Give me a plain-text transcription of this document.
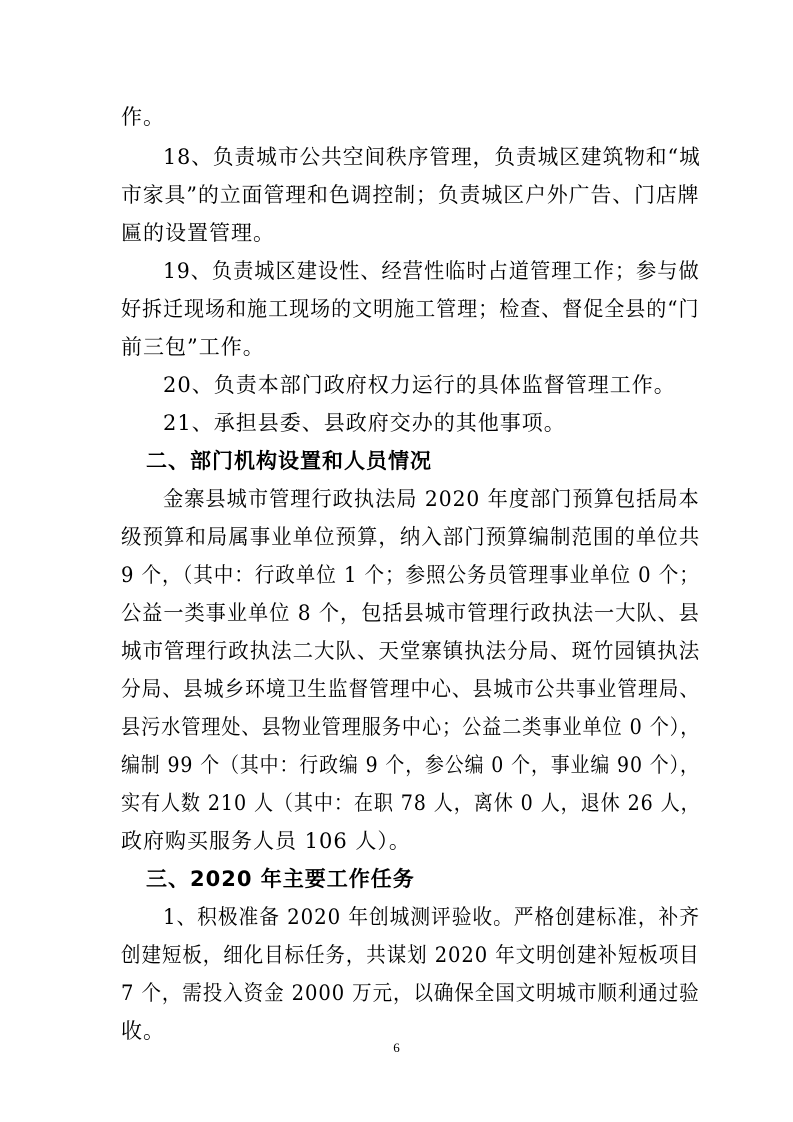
作。
18、负责城市公共空间秩序管理，负责城区建筑物和“城
市家具”的立面管理和色调控制；负责城区户外广告、门店牌
匾的设置管理。
19、负责城区建设性、经营性临时占道管理工作；参与做
好拆迁现场和施工现场的文明施工管理；检查、督促全县的“门
前三包”工作。
20、负责本部门政府权力运行的具体监督管理工作。
21、承担县委、县政府交办的其他事项。
二、部门机构设置和人员情况
金寨县城市管理行政执法局 2020 年度部门预算包括局本
级预算和局属事业单位预算，纳入部门预算编制范围的单位共
9 个，（其中：行政单位 1 个；参照公务员管理事业单位 0 个；
公益一类事业单位 8 个，包括县城市管理行政执法一大队、县
城市管理行政执法二大队、天堂寨镇执法分局、斑竹园镇执法
分局、县城乡环境卫生监督管理中心、县城市公共事业管理局、
县污水管理处、县物业管理服务中心；公益二类事业单位 0 个），
编制 99 个（其中：行政编 9 个，参公编 0 个，事业编 90 个），
实有人数 210 人（其中：在职 78 人，离休 0 人，退休 26 人，
政府购买服务人员 106 人）。
三、2020 年主要工作任务
1、积极准备 2020 年创城测评验收。严格创建标准，补齐
创建短板，细化目标任务，共谋划 2020 年文明创建补短板项目
7 个，需投入资金 2000 万元，以确保全国文明城市顺利通过验
收。
6
